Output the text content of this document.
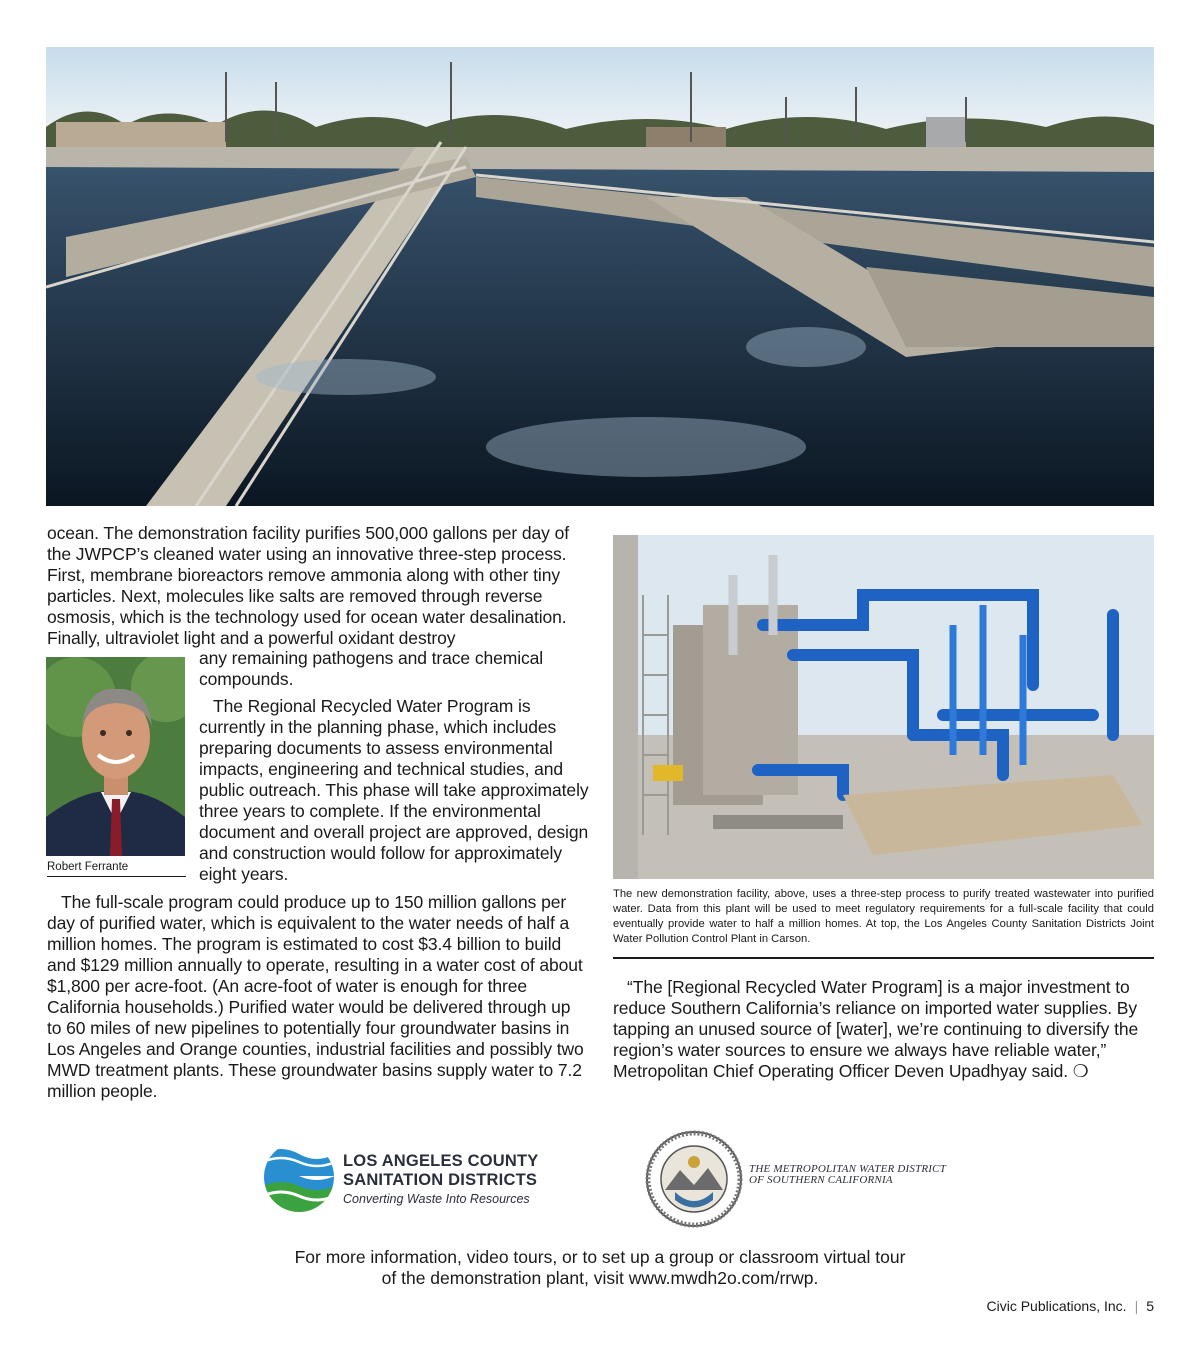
ocean. The demonstration facility purifies 500,000 gallons per day of the JWPCP’s cleaned water using an innovative three-step process. First, membrane bioreactors remove ammonia along with other tiny particles. Next, molecules like salts are removed through reverse osmosis, which is the technology used for ocean water desalination. Finally, ultraviolet light and a powerful oxidant destroy

Robert Ferrante

any remaining pathogens and trace chemical compounds.

The Regional Recycled Water Program is currently in the planning phase, which includes preparing documents to assess environmental impacts, engineering and technical studies, and public outreach. This phase will take approximately three years to complete. If the environmental document and overall project are approved, design and construction would follow for approximately eight years.

The full-scale program could produce up to 150 million gallons per day of purified water, which is equivalent to the water needs of half a million homes. The program is estimated to cost $3.4 billion to build and $129 million annually to operate, resulting in a water cost of about $1,800 per acre-foot. (An acre-foot of water is enough for three California households.) Purified water would be delivered through up to 60 miles of new pipelines to potentially four groundwater basins in Los Angeles and Orange counties, industrial facilities and possibly two MWD treatment plants. These groundwater basins supply water to 7.2 million people.

The new demonstration facility, above, uses a three-step process to purify treated wastewater into purified water. Data from this plant will be used to meet regulatory requirements for a full-scale facility that could eventually provide water to half a million homes. At top, the Los Angeles County Sanitation Districts Joint Water Pollution Control Plant in Carson.

“The [Regional Recycled Water Program] is a major investment to reduce Southern California’s reliance on imported water supplies. By tapping an unused source of [water], we’re continuing to diversify the region’s water sources to ensure we always have reliable water,” Metropolitan Chief Operating Officer Deven Upadhyay said. ❍

LOS ANGELES COUNTY
SANITATION DISTRICTS
Converting Waste Into Resources
THE METROPOLITAN WATER DISTRICT
OF SOUTHERN CALIFORNIA
For more information, video tours, or to set up a group or classroom virtual tour
of the demonstration plant, visit www.mwdh2o.com/rrwp.
Civic Publications, Inc. | 5
